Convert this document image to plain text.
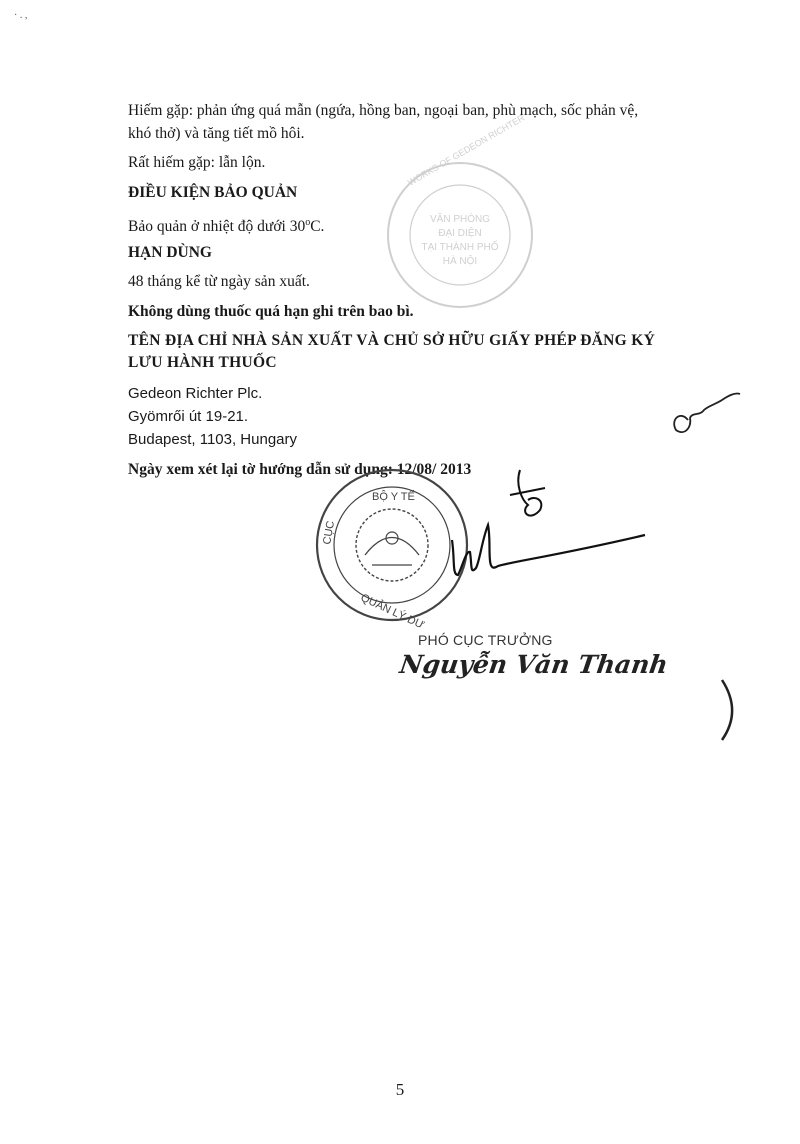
· . ,
Hiếm gặp: phản ứng quá mẫn (ngứa, hồng ban, ngoại ban, phù mạch, sốc phản vệ,
khó thở) và tăng tiết mồ hôi.
Rất hiếm gặp: lẫn lộn.
ĐIỀU KIỆN BẢO QUẢN
Bảo quản ở nhiệt độ dưới 30$^o$C.
HẠN DÙNG
48 tháng kể từ ngày sản xuất.
Không dùng thuốc quá hạn ghi trên bao bì.
TÊN ĐỊA CHỈ NHÀ SẢN XUẤT VÀ CHỦ SỞ HỮU GIẤY PHÉP ĐĂNG KÝ
LƯU HÀNH THUỐC
Gedeon Richter Plc.
Gyömrői út 19-21.
Budapest, 1103, Hungary
Ngày xem xét lại tờ hướng dẫn sử dụng: 12/08/ 2013
VĂN PHÒNG
ĐẠI DIỆN
TẠI THÀNH PHỐ
HÀ NỘI
WORKS OF GEDEON RICHTER
BỘ Y TẾ
CỤC
QUẢN LÝ DƯ
PHÓ CỤC TRƯỞNG
Nguyễn Văn Thanh
5
